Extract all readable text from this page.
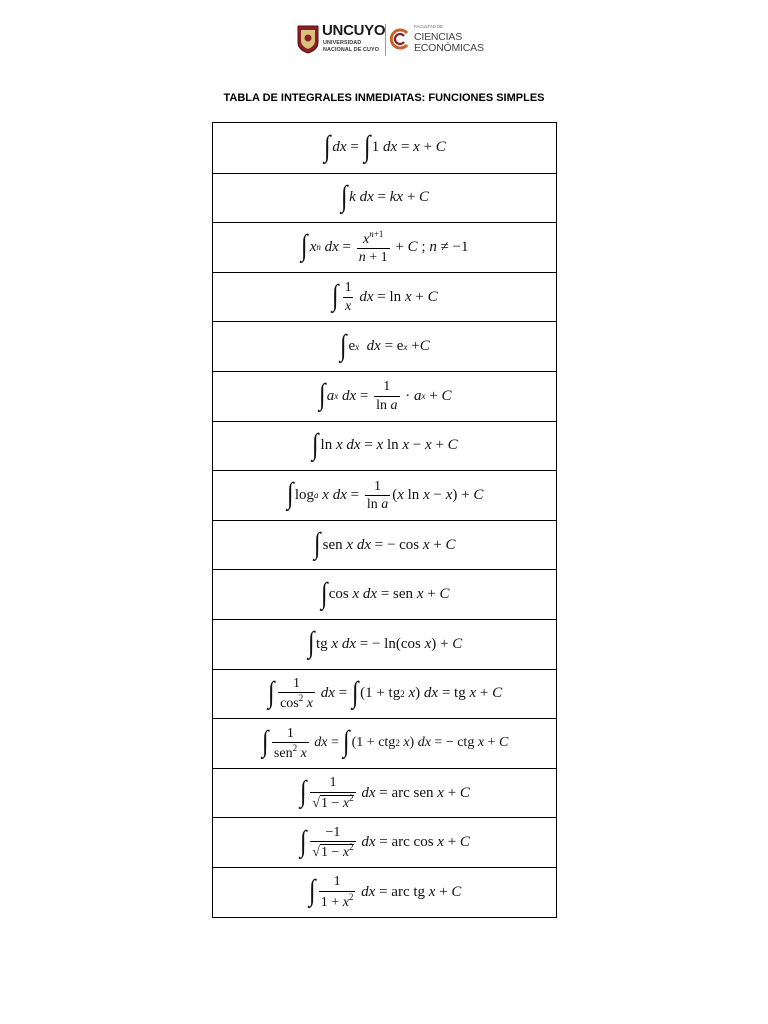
UNCUYO
UNIVERSIDAD
NACIONAL DE CUYO
FACULTAD DE
CIENCIAS
ECONÓMICAS
TABLA DE INTEGRALES INMEDIATAS: FUNCIONES SIMPLES
∫ dx = ∫ 1 dx = x + C
∫ k
dx = kx + C
∫ x n
dx = $\frac{x^{n+1}}{n + 1} + C$ ; n ≠ −1
∫ $\frac{1}{x}$
dx = ln x + C
∫ e x
dx = e x + C
∫ a x
dx = $\frac{1}{\text{ln a}} \cdot a$ x + C
∫ ln x
dx = x ln x − x + C
∫ log a
x
dx = $\frac{1}{\text{ln a}}$ ( x ln x − x ) + C
∫ sen x
dx = − cos x + C
∫ cos x
dx = sen x + C
∫ tg x
dx = − ln(cos x ) + C
∫ $\frac{1}{\cos^2 x}$
dx = ∫ (1 + tg 2
x ) dx = tg x + C
∫ $\frac{1}{sen^2 x}$
dx = ∫ (1 + ctg 2
x ) dx = − ctg x + C
∫ $\frac{1}{√1 - x^2}$
dx = arc sen x + C
∫ $\frac{-1}{√1 - x^2}$
dx = arc cos x + C
∫ $\frac{1}{1 + x^2}$
dx = arc tg x + C
